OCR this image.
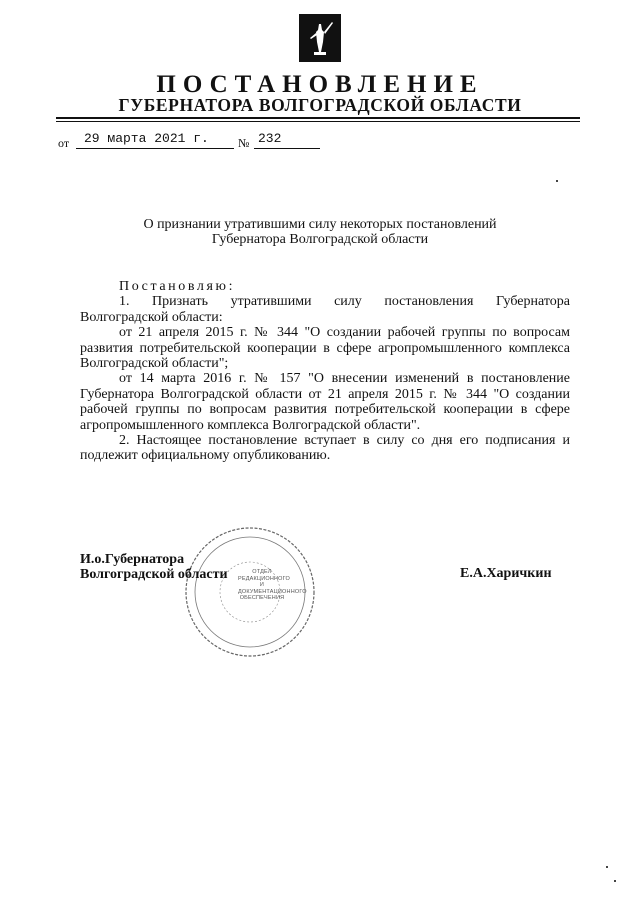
ПОСТАНОВЛЕНИЕ
ГУБЕРНАТОРА ВОЛГОГРАДСКОЙ ОБЛАСТИ
от	29 марта 2021 г.	№ 232
О признании утратившими силу некоторых постановлений
Губернатора Волгоградской области

Постановляю:

1. Признать утратившими силу постановления Губернатора

Волгоградской области:

от 21 апреля 2015 г. № 344 "О создании рабочей группы по вопросам развития потребительской кооперации в сфере агропромышленного комплекса Волгоградской области";

от 14 марта 2016 г. № 157 "О внесении изменений в постановление Губернатора Волгоградской области от 21 апреля 2015 г. № 344 "О создании рабочей группы по вопросам развития потребительской кооперации в сфере агропромышленного комплекса Волгоградской области".

2. Настоящее постановление вступает в силу со дня его подписания и подлежит официальному опубликованию.

ОТДЕЛ
РЕДАКЦИОННОГО И
ДОКУМЕНТАЦИОННОГО
ОБЕСПЕЧЕНИЯ
И.о.Губернатора
Волгоградской области	Е.А.Харичкин
